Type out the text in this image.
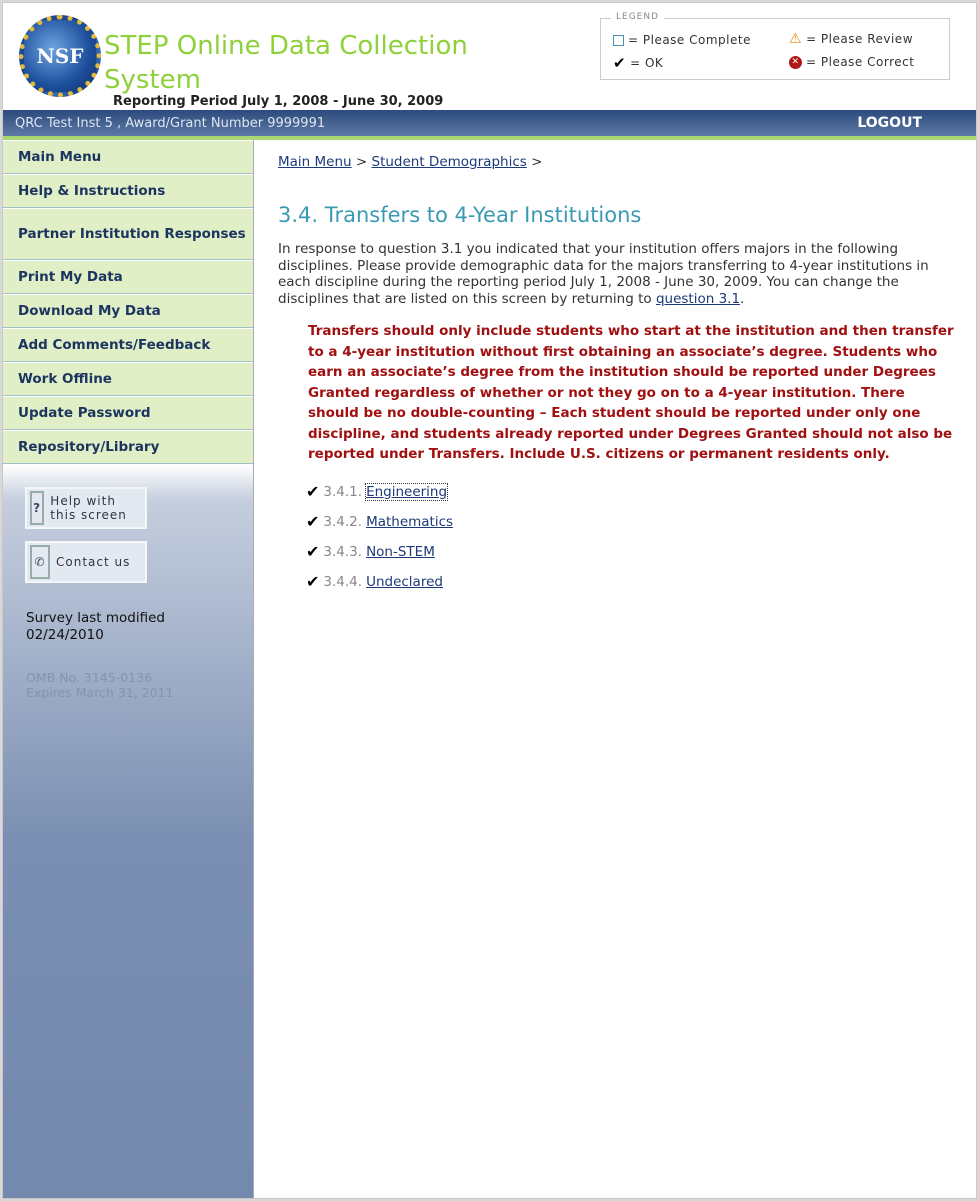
NSF STEP Online Data Collection System
Reporting Period July 1, 2008 - June 30, 2009
LEGEND
= Please Complete	⚠ = Please Review
✔ = OK	✕ = Please Correct
QRC Test Inst 5 , Award/Grant Number 9999991	LOGOUT
Main Menu
Help & Instructions
Partner Institution Responses
Print My Data
Download My Data
Add Comments/Feedback
Work Offline
Update Password
Repository/Library
? Help with this screen
✆ Contact us
Survey last modified
02/24/2010
OMB No. 3145-0136
Expires March 31, 2011
Main Menu > Student Demographics >
3.4. Transfers to 4-Year Institutions

In response to question 3.1 you indicated that your institution offers majors in the following disciplines. Please provide demographic data for the majors transferring to 4-year institutions in each discipline during the reporting period July 1, 2008 - June 30, 2009. You can change the disciplines that are listed on this screen by returning to question 3.1.

Transfers should only include students who start at the institution and then transfer to a 4-year institution without first obtaining an associate’s degree. Students who earn an associate’s degree from the institution should be reported under Degrees Granted regardless of whether or not they go on to a 4-year institution. There should be no double-counting – Each student should be reported under only one discipline, and students already reported under Degrees Granted should not also be reported under Transfers. Include U.S. citizens or permanent residents only.

✔ 3.4.1. Engineering
✔ 3.4.2. Mathematics
✔ 3.4.3. Non-STEM
✔ 3.4.4. Undeclared
